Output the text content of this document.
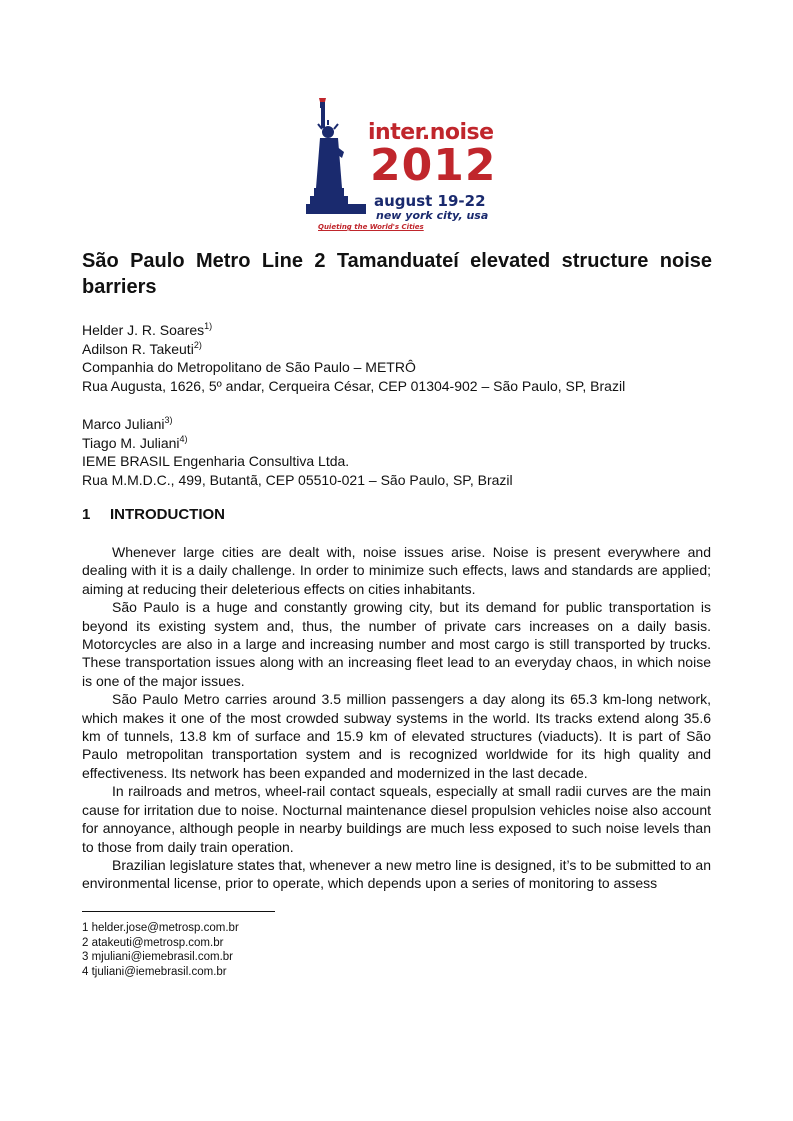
inter.noise
2012
august 19-22
new york city, usa
Quieting the World's Cities
São Paulo Metro Line 2 Tamanduateí elevated structure noise barriers
Helder J. R. Soares$^{1)}$
Adilson R. Takeuti$^{2)}$
Companhia do Metropolitano de São Paulo – METRÔ
Rua Augusta, 1626, 5º andar, Cerqueira César, CEP 01304-902 – São Paulo, SP, Brazil
Marco Juliani$^{3)}$
Tiago M. Juliani$^{4)}$
IEME BRASIL Engenharia Consultiva Ltda.
Rua M.M.D.C., 499, Butantã, CEP 05510-021 – São Paulo, SP, Brazil
1 INTRODUCTION

Whenever large cities are dealt with, noise issues arise. Noise is present everywhere and dealing with it is a daily challenge. In order to minimize such effects, laws and standards are applied; aiming at reducing their deleterious effects on cities inhabitants.

São Paulo is a huge and constantly growing city, but its demand for public transportation is beyond its existing system and, thus, the number of private cars increases on a daily basis. Motorcycles are also in a large and increasing number and most cargo is still transported by trucks. These transportation issues along with an increasing fleet lead to an everyday chaos, in which noise is one of the major issues.

São Paulo Metro carries around 3.5 million passengers a day along its 65.3 km-long network, which makes it one of the most crowded subway systems in the world. Its tracks extend along 35.6 km of tunnels, 13.8 km of surface and 15.9 km of elevated structures (viaducts). It is part of São Paulo metropolitan transportation system and is recognized worldwide for its high quality and effectiveness. Its network has been expanded and modernized in the last decade.

In railroads and metros, wheel-rail contact squeals, especially at small radii curves are the main cause for irritation due to noise. Nocturnal maintenance diesel propulsion vehicles noise also account for annoyance, although people in nearby buildings are much less exposed to such noise levels than to those from daily train operation.

Brazilian legislature states that, whenever a new metro line is designed, it’s to be submitted to an environmental license, prior to operate, which depends upon a series of monitoring to assess

1 helder.jose@metrosp.com.br
2 atakeuti@metrosp.com.br
3 mjuliani@iemebrasil.com.br
4 tjuliani@iemebrasil.com.br
